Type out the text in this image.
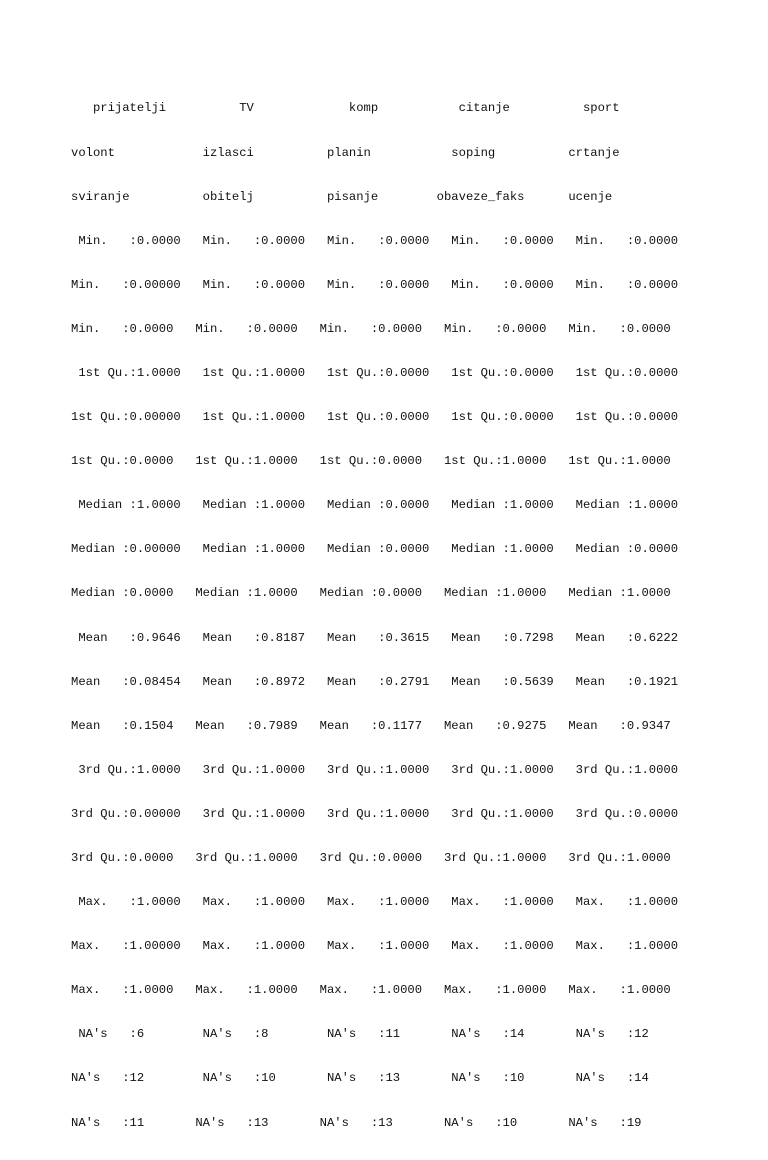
prijatelji          TV             komp           citanje          sport

volont            izlasci          planin           soping          crtanje

sviranje          obitelj          pisanje        obaveze_faks      ucenje

Min.   :0.0000   Min.   :0.0000   Min.   :0.0000   Min.   :0.0000   Min.   :0.0000

Min.   :0.00000   Min.   :0.0000   Min.   :0.0000   Min.   :0.0000   Min.   :0.0000

Min.   :0.0000   Min.   :0.0000   Min.   :0.0000   Min.   :0.0000   Min.   :0.0000

1st Qu.:1.0000   1st Qu.:1.0000   1st Qu.:0.0000   1st Qu.:0.0000   1st Qu.:0.0000

1st Qu.:0.00000   1st Qu.:1.0000   1st Qu.:0.0000   1st Qu.:0.0000   1st Qu.:0.0000

1st Qu.:0.0000   1st Qu.:1.0000   1st Qu.:0.0000   1st Qu.:1.0000   1st Qu.:1.0000

Median :1.0000   Median :1.0000   Median :0.0000   Median :1.0000   Median :1.0000

Median :0.00000   Median :1.0000   Median :0.0000   Median :1.0000   Median :0.0000

Median :0.0000   Median :1.0000   Median :0.0000   Median :1.0000   Median :1.0000

Mean   :0.9646   Mean   :0.8187   Mean   :0.3615   Mean   :0.7298   Mean   :0.6222

Mean   :0.08454   Mean   :0.8972   Mean   :0.2791   Mean   :0.5639   Mean   :0.1921

Mean   :0.1504   Mean   :0.7989   Mean   :0.1177   Mean   :0.9275   Mean   :0.9347

3rd Qu.:1.0000   3rd Qu.:1.0000   3rd Qu.:1.0000   3rd Qu.:1.0000   3rd Qu.:1.0000

3rd Qu.:0.00000   3rd Qu.:1.0000   3rd Qu.:1.0000   3rd Qu.:1.0000   3rd Qu.:0.0000

3rd Qu.:0.0000   3rd Qu.:1.0000   3rd Qu.:0.0000   3rd Qu.:1.0000   3rd Qu.:1.0000

Max.   :1.0000   Max.   :1.0000   Max.   :1.0000   Max.   :1.0000   Max.   :1.0000

Max.   :1.00000   Max.   :1.0000   Max.   :1.0000   Max.   :1.0000   Max.   :1.0000

Max.   :1.0000   Max.   :1.0000   Max.   :1.0000   Max.   :1.0000   Max.   :1.0000

NA's   :6        NA's   :8        NA's   :11       NA's   :14       NA's   :12

NA's   :12        NA's   :10       NA's   :13       NA's   :10       NA's   :14

NA's   :11       NA's   :13       NA's   :13       NA's   :10       NA's   :19
